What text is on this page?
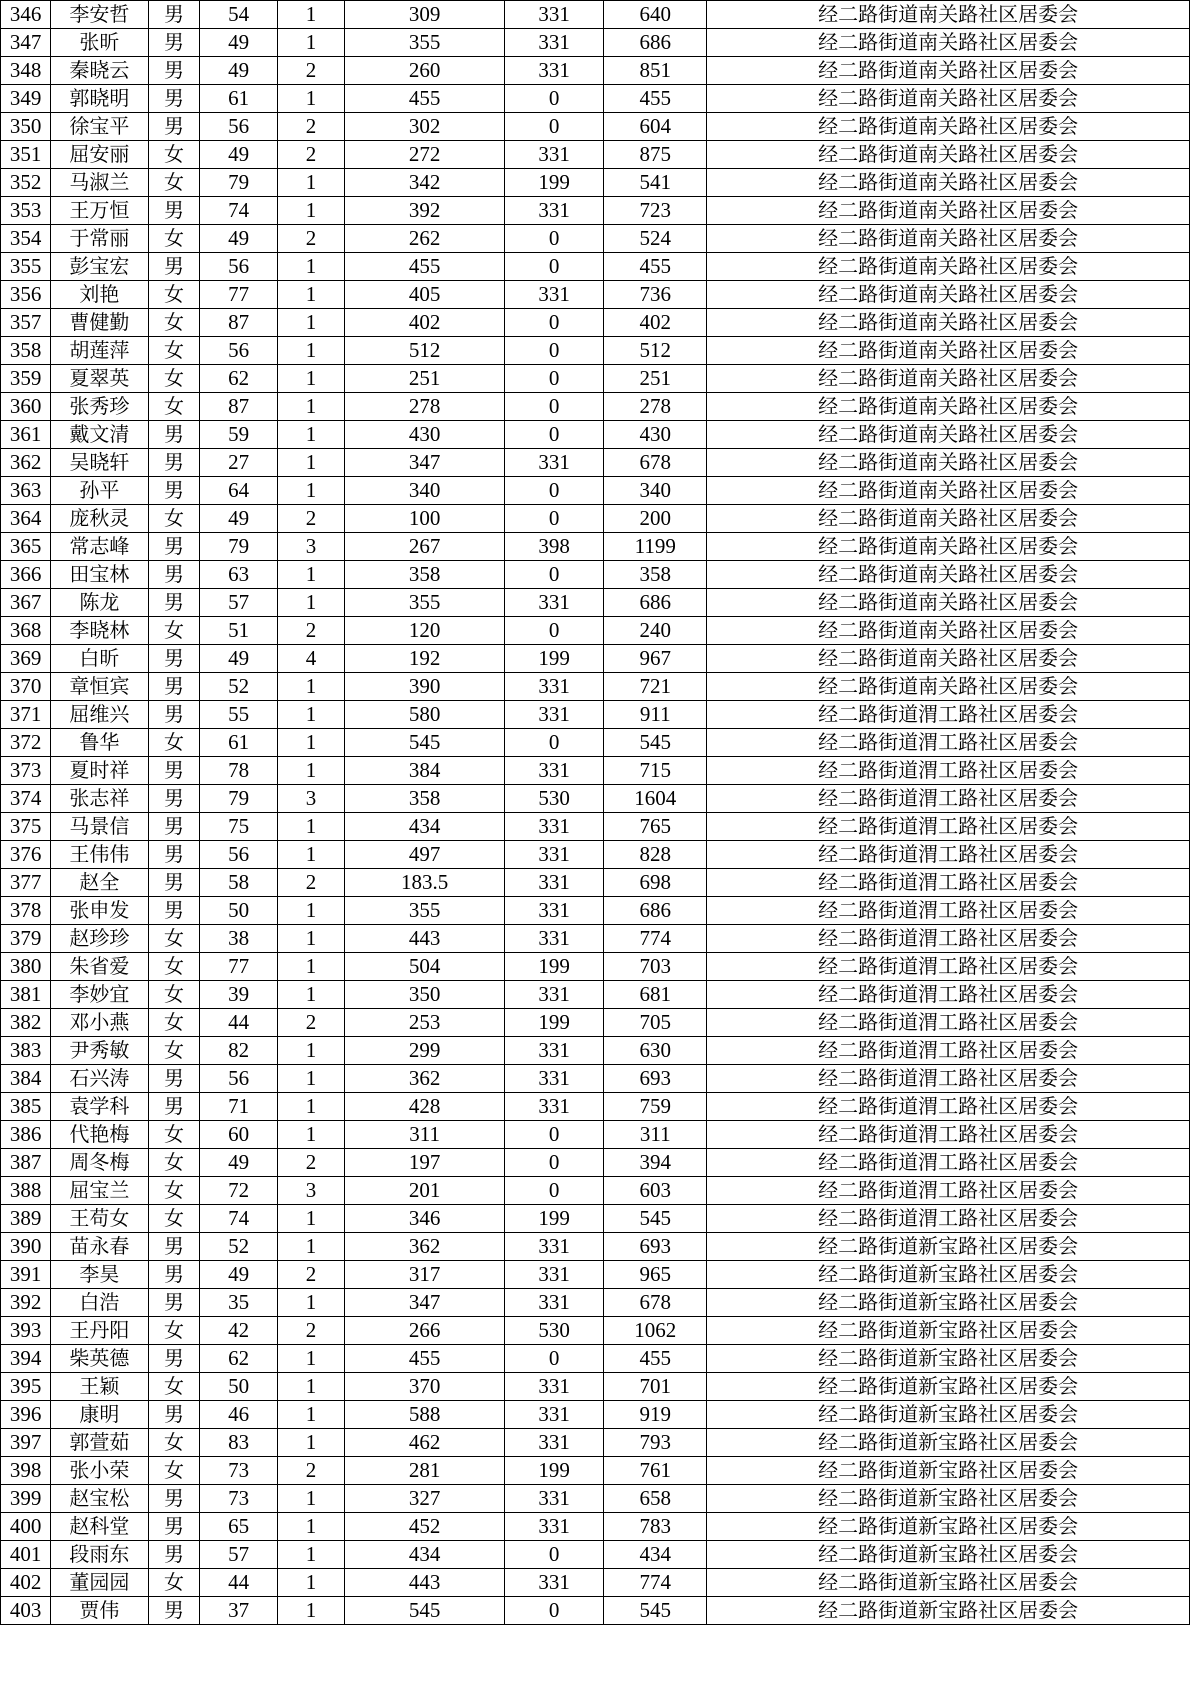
346	李安哲	男	54	1	309	331	640	经二路街道南关路社区居委会
347	张昕	男	49	1	355	331	686	经二路街道南关路社区居委会
348	秦晓云	男	49	2	260	331	851	经二路街道南关路社区居委会
349	郭晓明	男	61	1	455	0	455	经二路街道南关路社区居委会
350	徐宝平	男	56	2	302	0	604	经二路街道南关路社区居委会
351	屈安丽	女	49	2	272	331	875	经二路街道南关路社区居委会
352	马淑兰	女	79	1	342	199	541	经二路街道南关路社区居委会
353	王万恒	男	74	1	392	331	723	经二路街道南关路社区居委会
354	于常丽	女	49	2	262	0	524	经二路街道南关路社区居委会
355	彭宝宏	男	56	1	455	0	455	经二路街道南关路社区居委会
356	刘艳	女	77	1	405	331	736	经二路街道南关路社区居委会
357	曹健勤	女	87	1	402	0	402	经二路街道南关路社区居委会
358	胡莲萍	女	56	1	512	0	512	经二路街道南关路社区居委会
359	夏翠英	女	62	1	251	0	251	经二路街道南关路社区居委会
360	张秀珍	女	87	1	278	0	278	经二路街道南关路社区居委会
361	戴文清	男	59	1	430	0	430	经二路街道南关路社区居委会
362	吴晓轩	男	27	1	347	331	678	经二路街道南关路社区居委会
363	孙平	男	64	1	340	0	340	经二路街道南关路社区居委会
364	庞秋灵	女	49	2	100	0	200	经二路街道南关路社区居委会
365	常志峰	男	79	3	267	398	1199	经二路街道南关路社区居委会
366	田宝林	男	63	1	358	0	358	经二路街道南关路社区居委会
367	陈龙	男	57	1	355	331	686	经二路街道南关路社区居委会
368	李晓林	女	51	2	120	0	240	经二路街道南关路社区居委会
369	白昕	男	49	4	192	199	967	经二路街道南关路社区居委会
370	章恒宾	男	52	1	390	331	721	经二路街道南关路社区居委会
371	屈维兴	男	55	1	580	331	911	经二路街道渭工路社区居委会
372	鲁华	女	61	1	545	0	545	经二路街道渭工路社区居委会
373	夏时祥	男	78	1	384	331	715	经二路街道渭工路社区居委会
374	张志祥	男	79	3	358	530	1604	经二路街道渭工路社区居委会
375	马景信	男	75	1	434	331	765	经二路街道渭工路社区居委会
376	王伟伟	男	56	1	497	331	828	经二路街道渭工路社区居委会
377	赵全	男	58	2	183.5	331	698	经二路街道渭工路社区居委会
378	张申发	男	50	1	355	331	686	经二路街道渭工路社区居委会
379	赵珍珍	女	38	1	443	331	774	经二路街道渭工路社区居委会
380	朱省爱	女	77	1	504	199	703	经二路街道渭工路社区居委会
381	李妙宜	女	39	1	350	331	681	经二路街道渭工路社区居委会
382	邓小燕	女	44	2	253	199	705	经二路街道渭工路社区居委会
383	尹秀敏	女	82	1	299	331	630	经二路街道渭工路社区居委会
384	石兴涛	男	56	1	362	331	693	经二路街道渭工路社区居委会
385	袁学科	男	71	1	428	331	759	经二路街道渭工路社区居委会
386	代艳梅	女	60	1	311	0	311	经二路街道渭工路社区居委会
387	周冬梅	女	49	2	197	0	394	经二路街道渭工路社区居委会
388	屈宝兰	女	72	3	201	0	603	经二路街道渭工路社区居委会
389	王苟女	女	74	1	346	199	545	经二路街道渭工路社区居委会
390	苗永春	男	52	1	362	331	693	经二路街道新宝路社区居委会
391	李昊	男	49	2	317	331	965	经二路街道新宝路社区居委会
392	白浩	男	35	1	347	331	678	经二路街道新宝路社区居委会
393	王丹阳	女	42	2	266	530	1062	经二路街道新宝路社区居委会
394	柴英德	男	62	1	455	0	455	经二路街道新宝路社区居委会
395	王颖	女	50	1	370	331	701	经二路街道新宝路社区居委会
396	康明	男	46	1	588	331	919	经二路街道新宝路社区居委会
397	郭萱茹	女	83	1	462	331	793	经二路街道新宝路社区居委会
398	张小荣	女	73	2	281	199	761	经二路街道新宝路社区居委会
399	赵宝松	男	73	1	327	331	658	经二路街道新宝路社区居委会
400	赵科堂	男	65	1	452	331	783	经二路街道新宝路社区居委会
401	段雨东	男	57	1	434	0	434	经二路街道新宝路社区居委会
402	董园园	女	44	1	443	331	774	经二路街道新宝路社区居委会
403	贾伟	男	37	1	545	0	545	经二路街道新宝路社区居委会
